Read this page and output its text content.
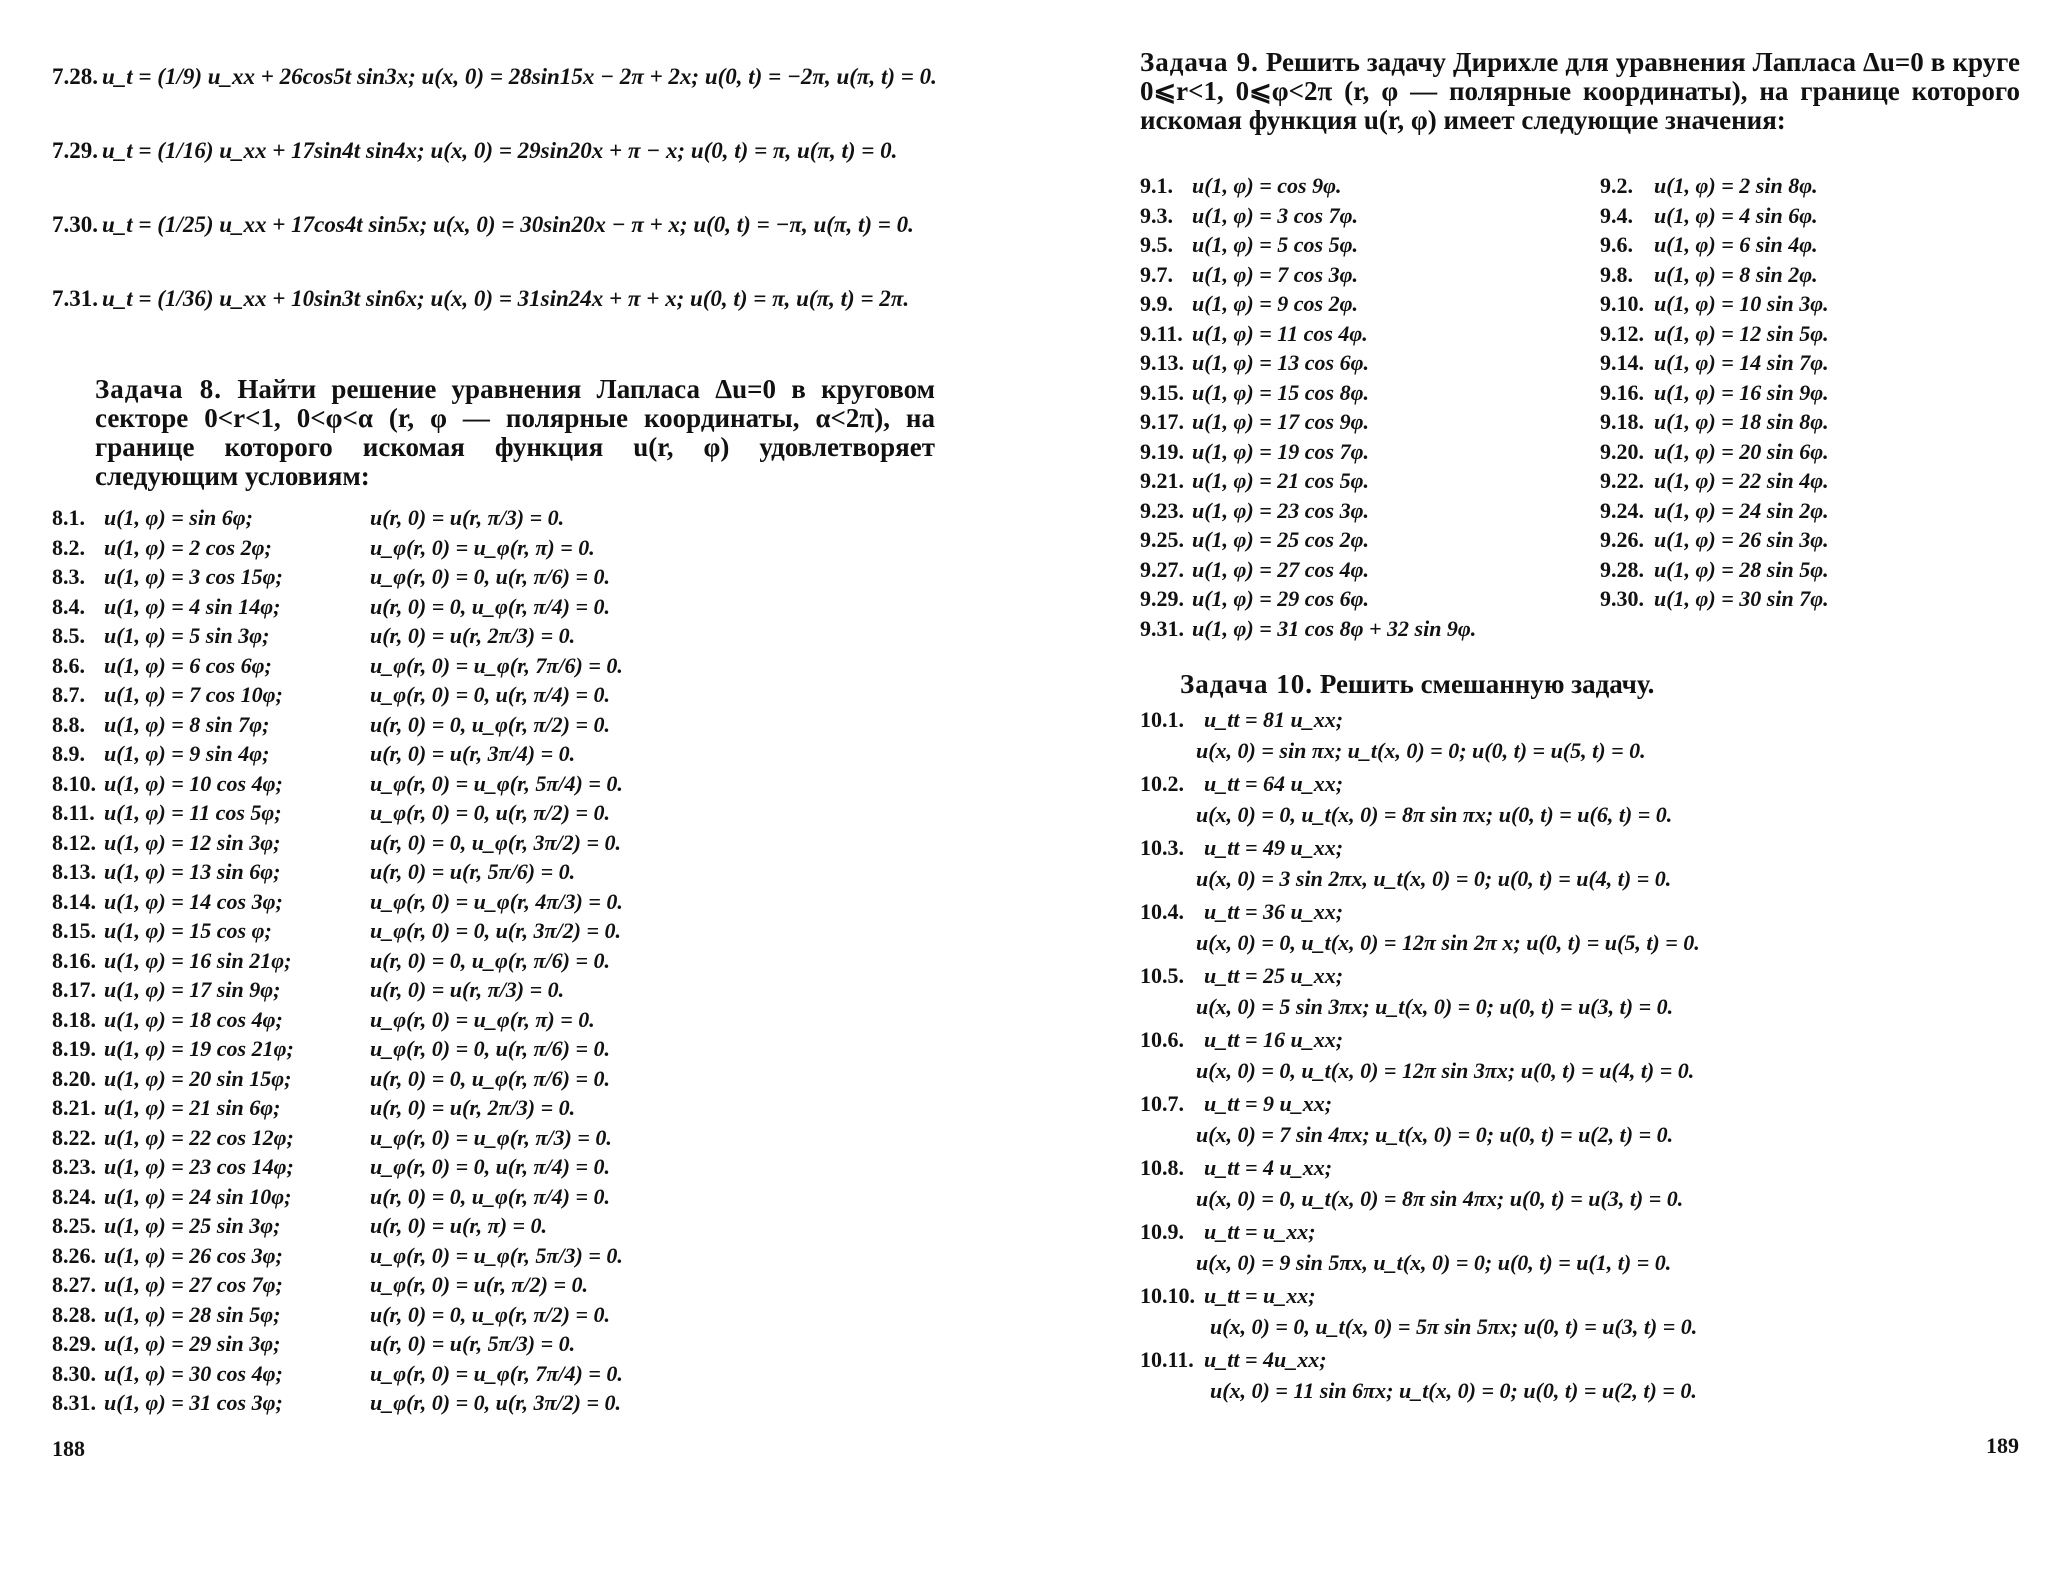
7.28. u_t = (1/9) u_xx + 26cos5t sin3x; u(x, 0) = 28sin15x − 2π + 2x; u(0, t) = −2π, u(π, t) = 0.
7.29. u_t = (1/16) u_xx + 17sin4t sin4x; u(x, 0) = 29sin20x + π − x; u(0, t) = π, u(π, t) = 0.
7.30. u_t = (1/25) u_xx + 17cos4t sin5x; u(x, 0) = 30sin20x − π + x; u(0, t) = −π, u(π, t) = 0.
7.31. u_t = (1/36) u_xx + 10sin3t sin6x; u(x, 0) = 31sin24x + π + x; u(0, t) = π, u(π, t) = 2π.
Задача 8. Найти решение уравнения Лапласа Δu=0 в круговом секторе 0<r<1, 0<φ<α (r, φ — полярные координаты, α<2π), на границе которого искомая функция u(r, φ) удовлетворяет следующим условиям:
8.1. u(1, φ) = sin 6φ;	u(r, 0) = u(r, π/3) = 0.
8.2. u(1, φ) = 2 cos 2φ;	u_φ(r, 0) = u_φ(r, π) = 0.
8.3. u(1, φ) = 3 cos 15φ;	u_φ(r, 0) = 0, u(r, π/6) = 0.
8.4. u(1, φ) = 4 sin 14φ;	u(r, 0) = 0, u_φ(r, π/4) = 0.
8.5. u(1, φ) = 5 sin 3φ;	u(r, 0) = u(r, 2π/3) = 0.
8.6. u(1, φ) = 6 cos 6φ;	u_φ(r, 0) = u_φ(r, 7π/6) = 0.
8.7. u(1, φ) = 7 cos 10φ;	u_φ(r, 0) = 0, u(r, π/4) = 0.
8.8. u(1, φ) = 8 sin 7φ;	u(r, 0) = 0, u_φ(r, π/2) = 0.
8.9. u(1, φ) = 9 sin 4φ;	u(r, 0) = u(r, 3π/4) = 0.
8.10. u(1, φ) = 10 cos 4φ;	u_φ(r, 0) = u_φ(r, 5π/4) = 0.
8.11. u(1, φ) = 11 cos 5φ;	u_φ(r, 0) = 0, u(r, π/2) = 0.
8.12. u(1, φ) = 12 sin 3φ;	u(r, 0) = 0, u_φ(r, 3π/2) = 0.
8.13. u(1, φ) = 13 sin 6φ;	u(r, 0) = u(r, 5π/6) = 0.
8.14. u(1, φ) = 14 cos 3φ;	u_φ(r, 0) = u_φ(r, 4π/3) = 0.
8.15. u(1, φ) = 15 cos φ;	u_φ(r, 0) = 0, u(r, 3π/2) = 0.
8.16. u(1, φ) = 16 sin 21φ;	u(r, 0) = 0, u_φ(r, π/6) = 0.
8.17. u(1, φ) = 17 sin 9φ;	u(r, 0) = u(r, π/3) = 0.
8.18. u(1, φ) = 18 cos 4φ;	u_φ(r, 0) = u_φ(r, π) = 0.
8.19. u(1, φ) = 19 cos 21φ;	u_φ(r, 0) = 0, u(r, π/6) = 0.
8.20. u(1, φ) = 20 sin 15φ;	u(r, 0) = 0, u_φ(r, π/6) = 0.
8.21. u(1, φ) = 21 sin 6φ;	u(r, 0) = u(r, 2π/3) = 0.
8.22. u(1, φ) = 22 cos 12φ;	u_φ(r, 0) = u_φ(r, π/3) = 0.
8.23. u(1, φ) = 23 cos 14φ;	u_φ(r, 0) = 0, u(r, π/4) = 0.
8.24. u(1, φ) = 24 sin 10φ;	u(r, 0) = 0, u_φ(r, π/4) = 0.
8.25. u(1, φ) = 25 sin 3φ;	u(r, 0) = u(r, π) = 0.
8.26. u(1, φ) = 26 cos 3φ;	u_φ(r, 0) = u_φ(r, 5π/3) = 0.
8.27. u(1, φ) = 27 cos 7φ;	u_φ(r, 0) = u(r, π/2) = 0.
8.28. u(1, φ) = 28 sin 5φ;	u(r, 0) = 0, u_φ(r, π/2) = 0.
8.29. u(1, φ) = 29 sin 3φ;	u(r, 0) = u(r, 5π/3) = 0.
8.30. u(1, φ) = 30 cos 4φ;	u_φ(r, 0) = u_φ(r, 7π/4) = 0.
8.31. u(1, φ) = 31 cos 3φ;	u_φ(r, 0) = 0, u(r, 3π/2) = 0.
188
Задача 9. Решить задачу Дирихле для уравнения Лапласа Δu=0 в круге 0⩽r<1, 0⩽φ<2π (r, φ — полярные координаты), на границе которого искомая функция u(r, φ) имеет следующие значения:
9.1. u(1, φ) = cos 9φ.	9.2. u(1, φ) = 2 sin 8φ.
9.3. u(1, φ) = 3 cos 7φ.	9.4. u(1, φ) = 4 sin 6φ.
9.5. u(1, φ) = 5 cos 5φ.	9.6. u(1, φ) = 6 sin 4φ.
9.7. u(1, φ) = 7 cos 3φ.	9.8. u(1, φ) = 8 sin 2φ.
9.9. u(1, φ) = 9 cos 2φ.	9.10. u(1, φ) = 10 sin 3φ.
9.11. u(1, φ) = 11 cos 4φ.	9.12. u(1, φ) = 12 sin 5φ.
9.13. u(1, φ) = 13 cos 6φ.	9.14. u(1, φ) = 14 sin 7φ.
9.15. u(1, φ) = 15 cos 8φ.	9.16. u(1, φ) = 16 sin 9φ.
9.17. u(1, φ) = 17 cos 9φ.	9.18. u(1, φ) = 18 sin 8φ.
9.19. u(1, φ) = 19 cos 7φ.	9.20. u(1, φ) = 20 sin 6φ.
9.21. u(1, φ) = 21 cos 5φ.	9.22. u(1, φ) = 22 sin 4φ.
9.23. u(1, φ) = 23 cos 3φ.	9.24. u(1, φ) = 24 sin 2φ.
9.25. u(1, φ) = 25 cos 2φ.	9.26. u(1, φ) = 26 sin 3φ.
9.27. u(1, φ) = 27 cos 4φ.	9.28. u(1, φ) = 28 sin 5φ.
9.29. u(1, φ) = 29 cos 6φ.	9.30. u(1, φ) = 30 sin 7φ.
9.31. u(1, φ) = 31 cos 8φ + 32 sin 9φ.
Задача 10. Решить смешанную задачу.
10.1. u_tt = 81 u_xx;
u(x, 0) = sin πx; u_t(x, 0) = 0; u(0, t) = u(5, t) = 0.
10.2. u_tt = 64 u_xx;
u(x, 0) = 0, u_t(x, 0) = 8π sin πx; u(0, t) = u(6, t) = 0.
10.3. u_tt = 49 u_xx;
u(x, 0) = 3 sin 2πx, u_t(x, 0) = 0; u(0, t) = u(4, t) = 0.
10.4. u_tt = 36 u_xx;
u(x, 0) = 0, u_t(x, 0) = 12π sin 2π x; u(0, t) = u(5, t) = 0.
10.5. u_tt = 25 u_xx;
u(x, 0) = 5 sin 3πx; u_t(x, 0) = 0; u(0, t) = u(3, t) = 0.
10.6. u_tt = 16 u_xx;
u(x, 0) = 0, u_t(x, 0) = 12π sin 3πx; u(0, t) = u(4, t) = 0.
10.7. u_tt = 9 u_xx;
u(x, 0) = 7 sin 4πx; u_t(x, 0) = 0; u(0, t) = u(2, t) = 0.
10.8. u_tt = 4 u_xx;
u(x, 0) = 0, u_t(x, 0) = 8π sin 4πx; u(0, t) = u(3, t) = 0.
10.9. u_tt = u_xx;
u(x, 0) = 9 sin 5πx, u_t(x, 0) = 0; u(0, t) = u(1, t) = 0.
10.10. u_tt = u_xx;
u(x, 0) = 0, u_t(x, 0) = 5π sin 5πx; u(0, t) = u(3, t) = 0.
10.11. u_tt = 4u_xx;
u(x, 0) = 11 sin 6πx; u_t(x, 0) = 0; u(0, t) = u(2, t) = 0.
189
